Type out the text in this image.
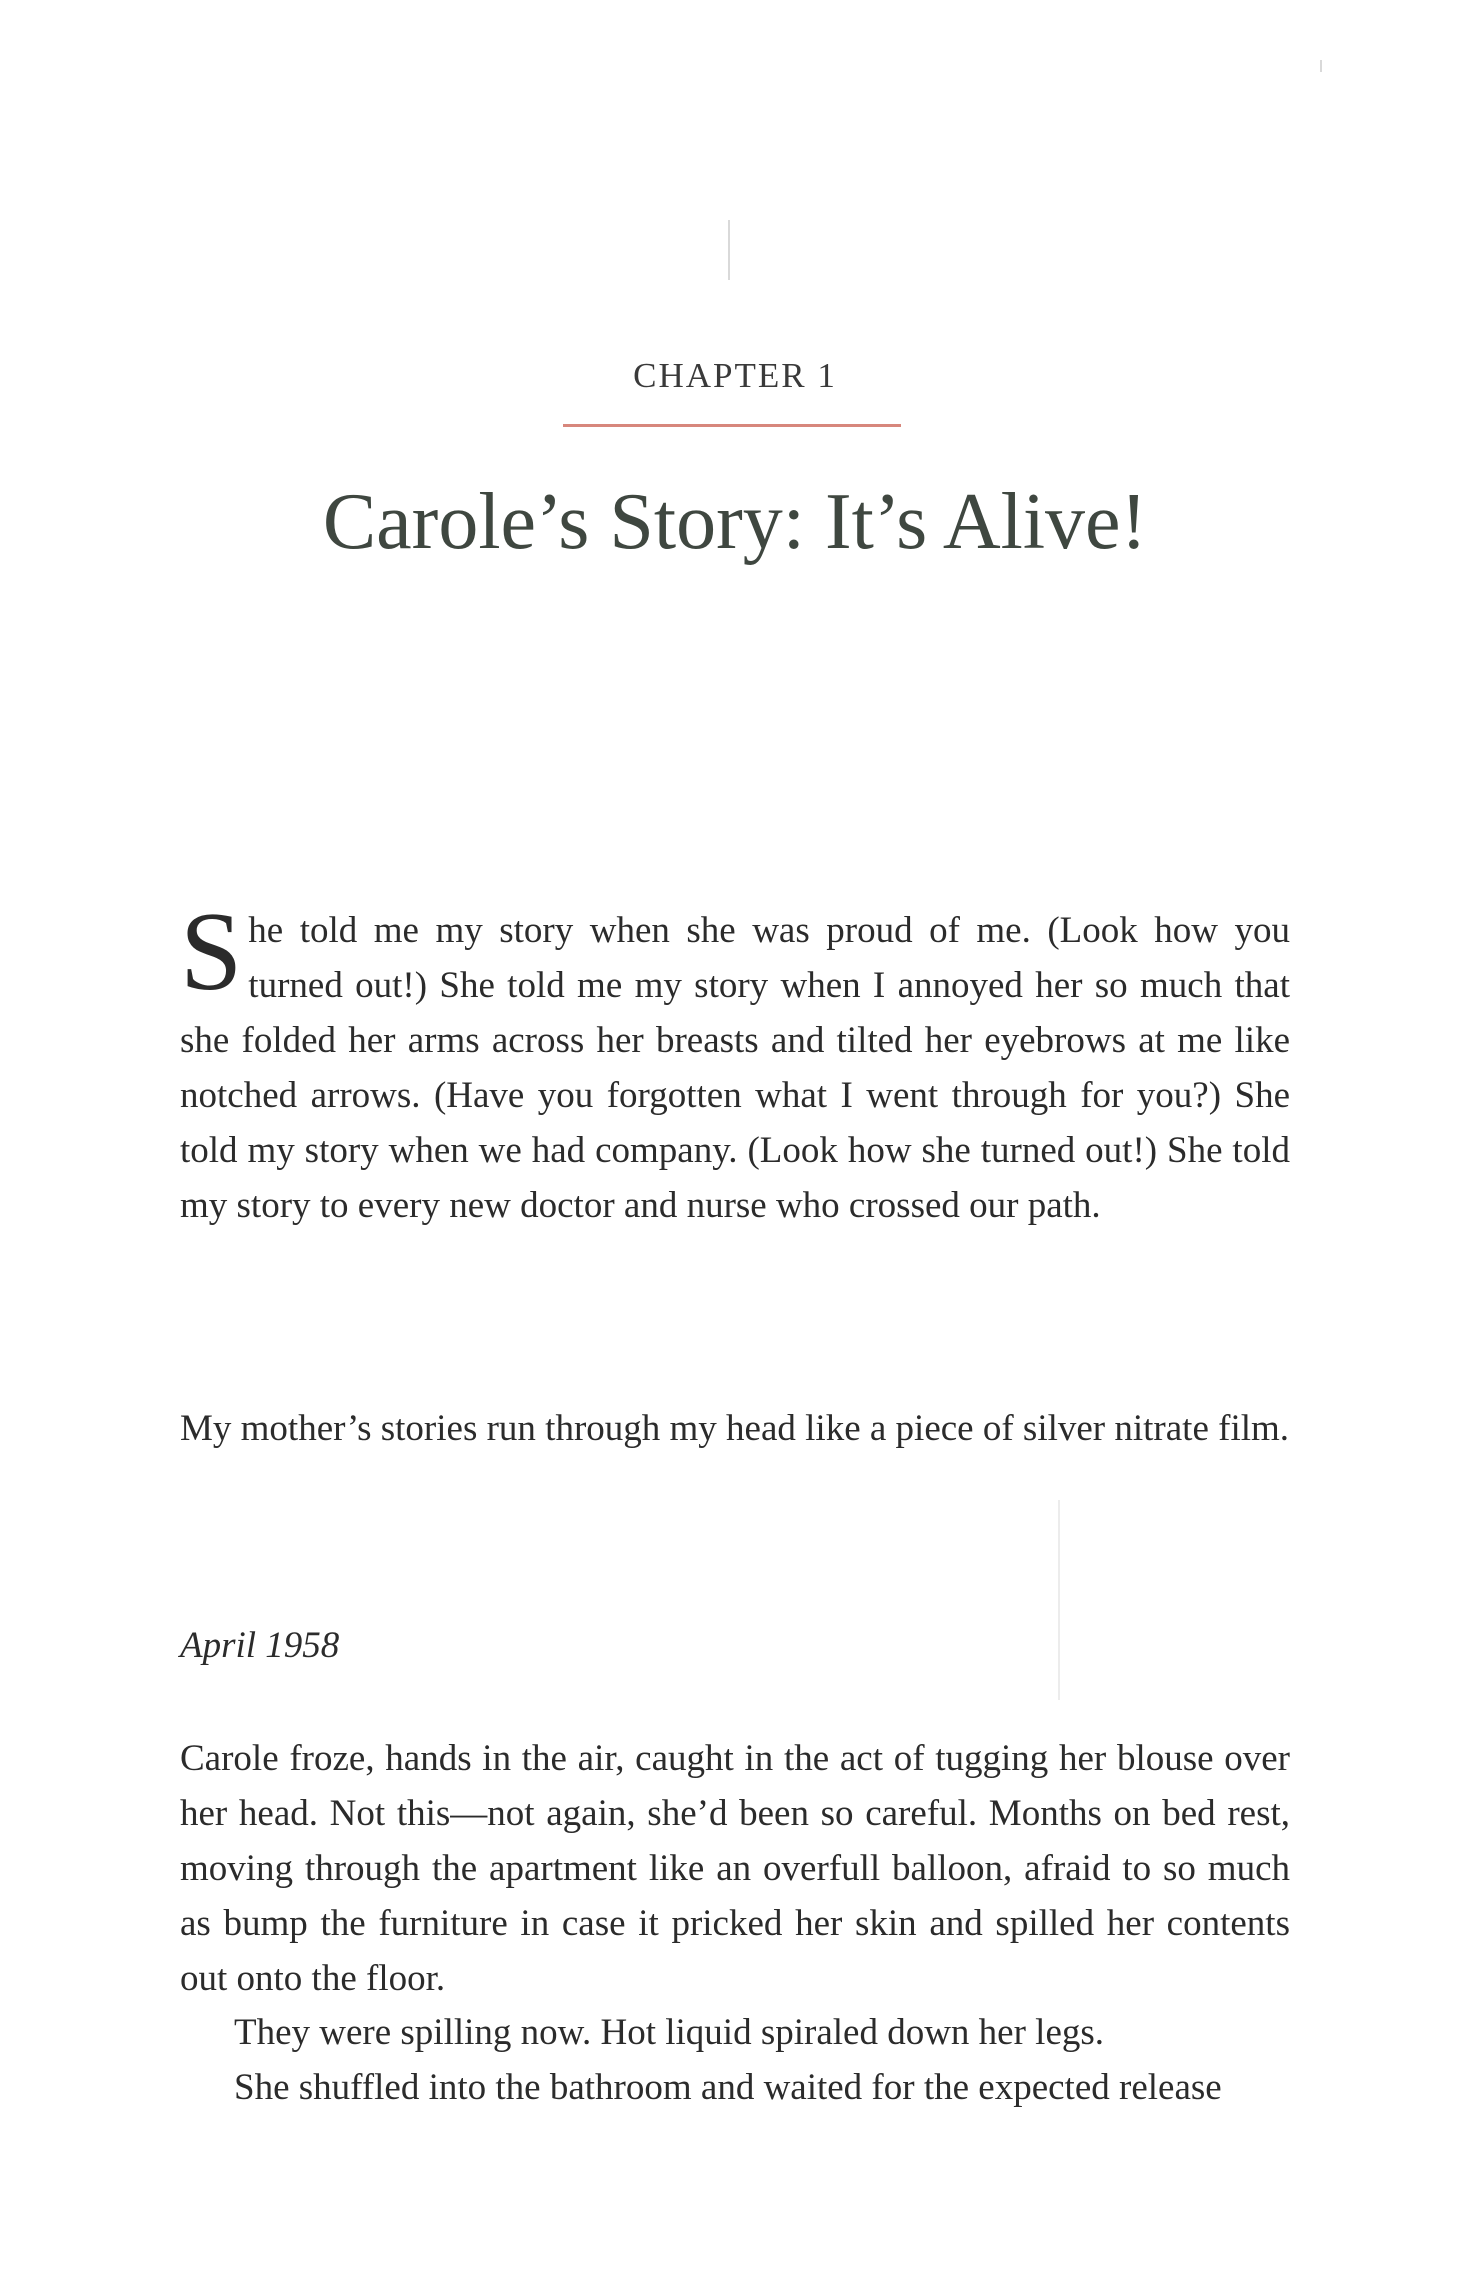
CHAPTER 1
Carole’s Story: It’s Alive!

She told me my story when she was proud of me. (Look how you turned out!) She told me my story when I annoyed her so much that she folded her arms across her breasts and tilted her eyebrows at me like notched arrows. (Have you forgotten what I went through for you?) She told my story when we had company. (Look how she turned out!) She told my story to every new doctor and nurse who crossed our path.

My mother’s stories run through my head like a piece of silver nitrate film.

April 1958

Carole froze, hands in the air, caught in the act of tugging her blouse over her head. Not this—not again, she’d been so careful. Months on bed rest, moving through the apartment like an overfull balloon, afraid to so much as bump the furniture in case it pricked her skin and spilled her contents out onto the floor.

They were spilling now. Hot liquid spiraled down her legs.

She shuffled into the bathroom and waited for the expected release
